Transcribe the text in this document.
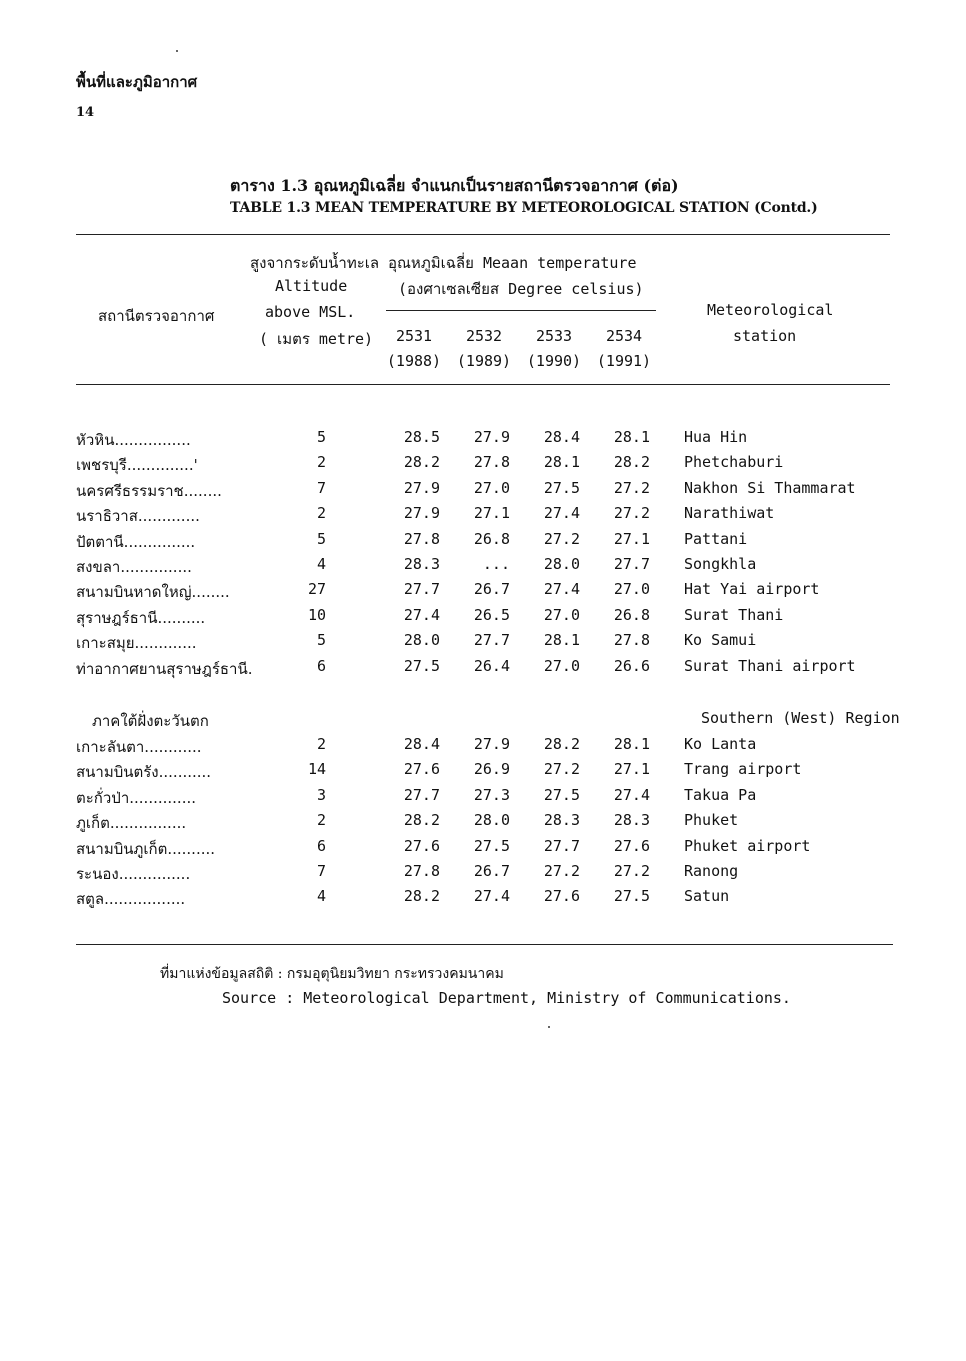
พื้นที่และภูมิอากาศ
14
ตาราง 1.3 อุณหภูมิเฉลี่ย จำแนกเป็นรายสถานีตรวจอากาศ (ต่อ)
TABLE 1.3 MEAN TEMPERATURE BY METEOROLOGICAL STATION (Contd.)
สถานีตรวจอากาศ
สูงจากระดับน้ำทะเล
Altitude
above MSL.
( เมตร metre)
อุณหภูมิเฉลี่ย Meaan temperature
(องศาเซลเซียส Degree celsius)
2531	2532	2533	2534
(1988) (1989) (1990) (1991)
Meteorological
station
หัวหิน................	5	28.5	27.9	28.4	28.1 Hua Hin
เพชรบุรี..............'	2	28.2	27.8	28.1	28.2 Phetchaburi
นครศรีธรรมราช........	7	27.9	27.0	27.5	27.2 Nakhon Si Thammarat
นราธิวาส.............	2	27.9	27.1	27.4	27.2 Narathiwat
ปัตตานี...............	5	27.8	26.8	27.2	27.1 Pattani
สงขลา...............	4	28.3	...	28.0	27.7 Songkhla
สนามบินหาดใหญ่........	27	27.7	26.7	27.4	27.0 Hat Yai airport
สุราษฎร์ธานี..........	10	27.4	26.5	27.0	26.8 Surat Thani
เกาะสมุย.............	5	28.0	27.7	28.1	27.8 Ko Samui
ท่าอากาศยานสุราษฎร์ธานี.	6	27.5	26.4	27.0	26.6 Surat Thani airport
ภาคใต้ฝั่งตะวันตก	Southern (West) Region
เกาะลันตา............	2	28.4	27.9	28.2	28.1 Ko Lanta
สนามบินตรัง...........	14	27.6	26.9	27.2	27.1 Trang airport
ตะกั่วป่า..............	3	27.7	27.3	27.5	27.4 Takua Pa
ภูเก็ต................	2	28.2	28.0	28.3	28.3 Phuket
สนามบินภูเก็ต..........	6	27.6	27.5	27.7	27.6 Phuket airport
ระนอง...............	7	27.8	26.7	27.2	27.2 Ranong
สตูล.................	4	28.2	27.4	27.6	27.5 Satun
ที่มาแห่งข้อมูลสถิติ : กรมอุตุนิยมวิทยา กระทรวงคมนาคม
Source : Meteorological Department, Ministry of Communications.
